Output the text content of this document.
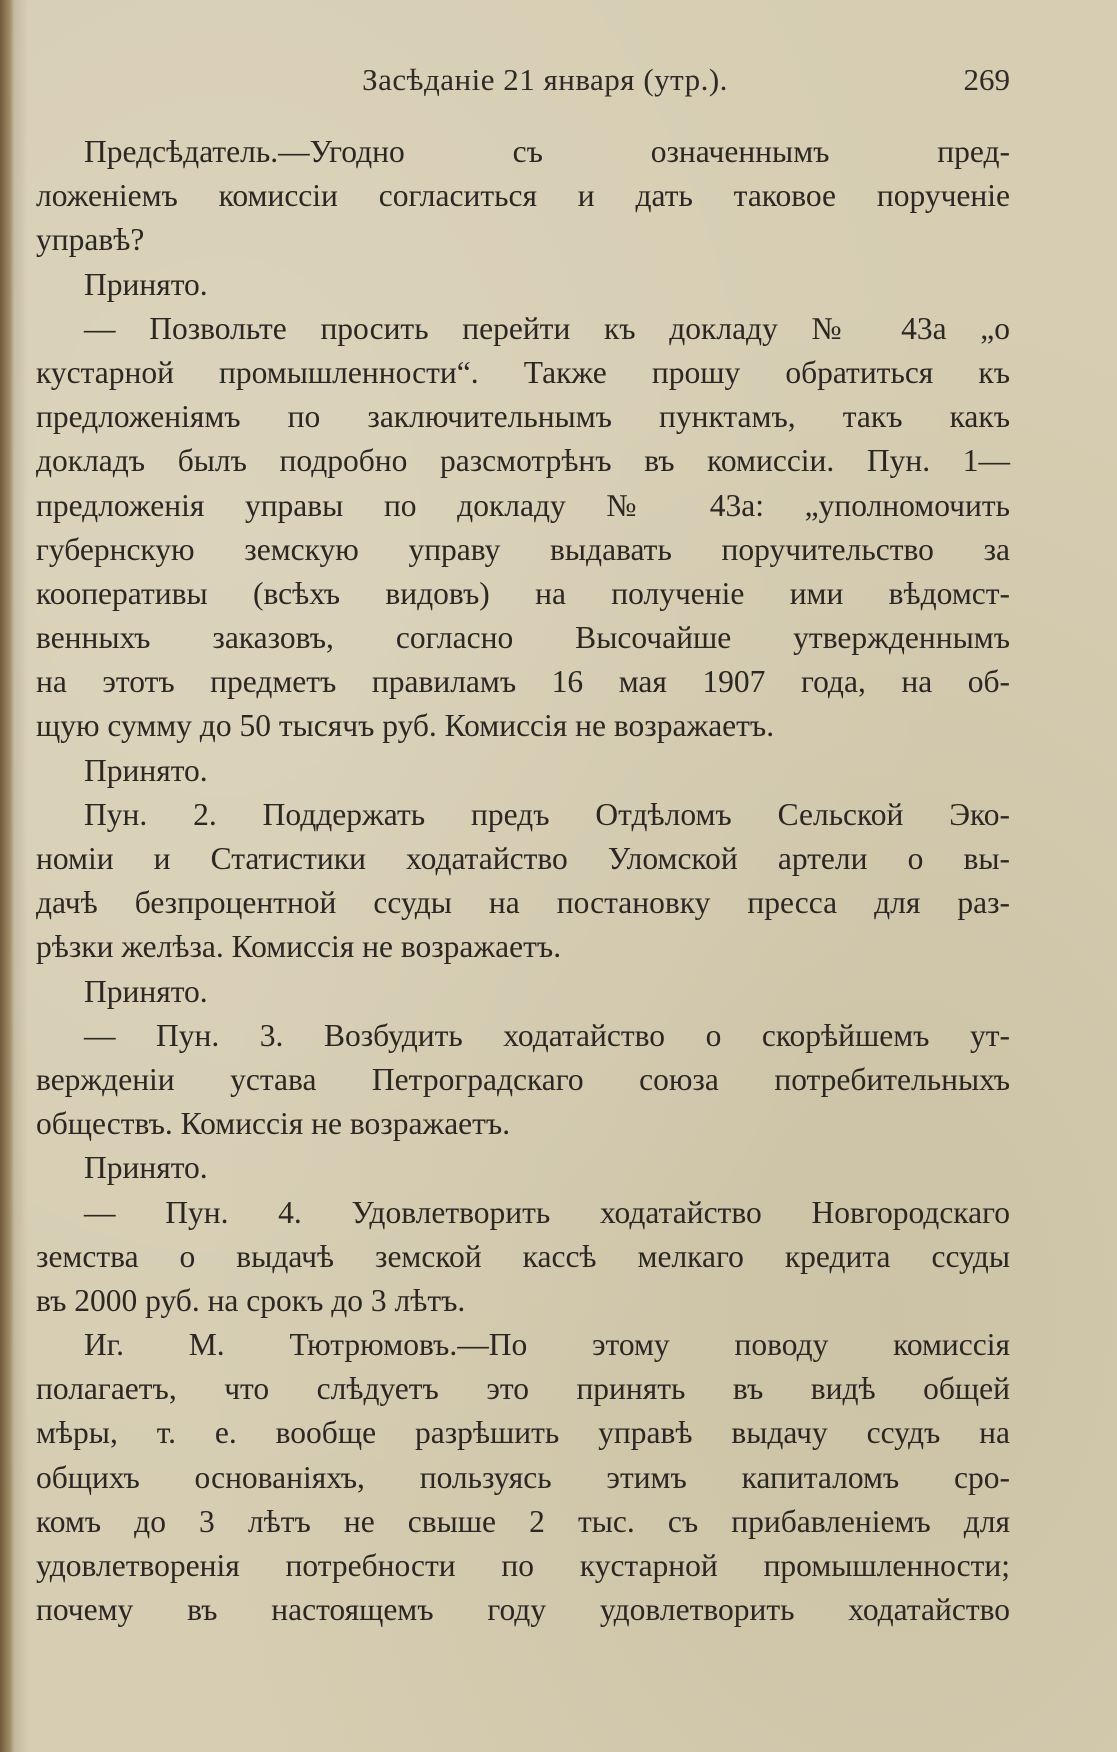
Засѣданіе 21 января (утр.).	269
Предсѣдатель.—Угодно съ означеннымъ пред-
ложеніемъ комиссіи согласиться и дать таковое порученіе
управѣ?
Принято.
— Позвольте просить перейти къ докладу № 43а „о
кустарной промышленности“. Также прошу обратиться къ
предложеніямъ по заключительнымъ пунктамъ, такъ какъ
докладъ былъ подробно разсмотрѣнъ въ комиссіи. Пун. 1—
предложенія управы по докладу № 43а: „уполномочить
губернскую земскую управу выдавать поручительство за
кооперативы (всѣхъ видовъ) на полученіе ими вѣдомст-
венныхъ заказовъ, согласно Высочайше утвержденнымъ
на этотъ предметъ правиламъ 16 мая 1907 года, на об-
щую сумму до 50 тысячъ руб. Комиссія не возражаетъ.
Принято.
Пун. 2. Поддержать предъ Отдѣломъ Сельской Эко-
номіи и Статистики ходатайство Уломской артели о вы-
дачѣ безпроцентной ссуды на постановку пресса для раз-
рѣзки желѣза. Комиссія не возражаетъ.
Принято.
— Пун. 3. Возбудить ходатайство о скорѣйшемъ ут-
вержденіи устава Петроградскаго союза потребительныхъ
обществъ. Комиссія не возражаетъ.
Принято.
— Пун. 4. Удовлетворить ходатайство Новгородскаго
земства о выдачѣ земской кассѣ мелкаго кредита ссуды
въ 2000 руб. на срокъ до 3 лѣтъ.
Иг. М. Тютрюмовъ.—По этому поводу комиссія
полагаетъ, что слѣдуетъ это принять въ видѣ общей
мѣры, т. е. вообще разрѣшить управѣ выдачу ссудъ на
общихъ основаніяхъ, пользуясь этимъ капиталомъ сро-
комъ до 3 лѣтъ не свыше 2 тыс. съ прибавленіемъ для
удовлетворенія потребности по кустарной промышленности;
почему въ настоящемъ году удовлетворить ходатайство
